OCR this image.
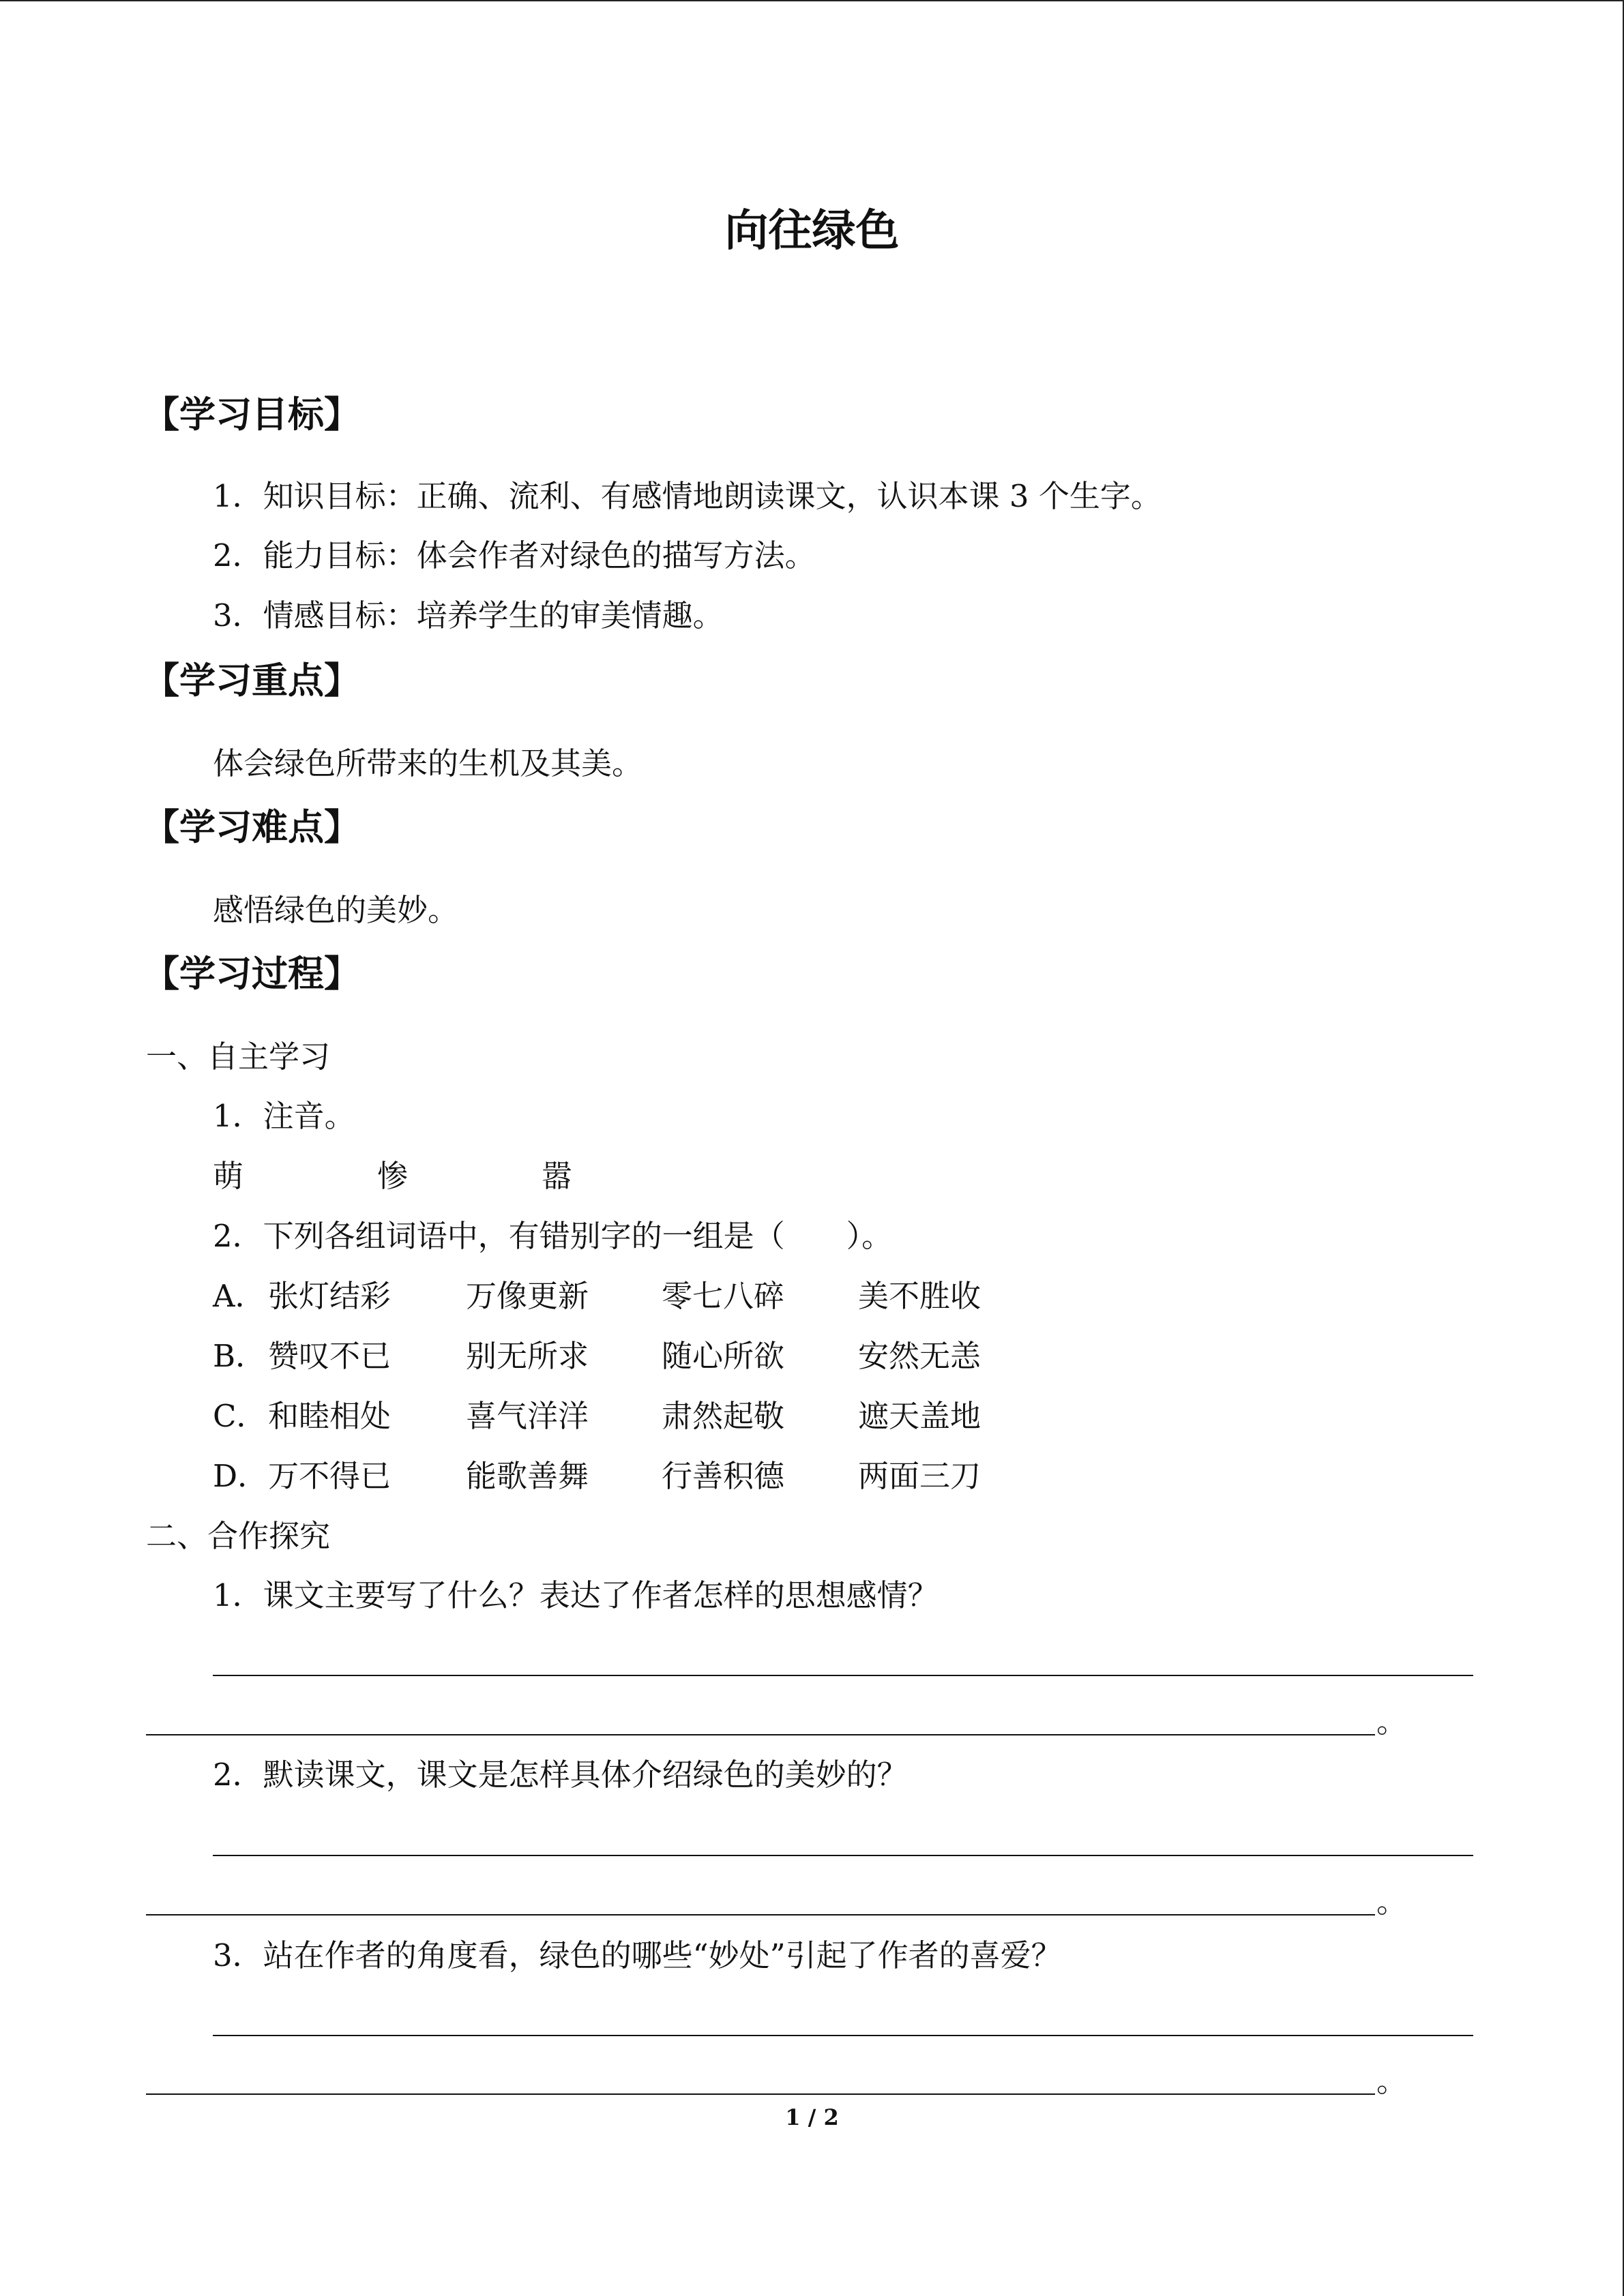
向往绿色
【学习目标】
1．知识目标：正确、流利、有感情地朗读课文，认识本课 3 个生字。
2．能力目标：体会作者对绿色的描写方法。
3．情感目标：培养学生的审美情趣。
【学习重点】
体会绿色所带来的生机及其美。
【学习难点】
感悟绿色的美妙。
【学习过程】
一、自主学习
1．注音。
萌	惨	嚣
2．下列各组词语中，有错别字的一组是（　　）。
A． 张灯结彩 万像更新 零七八碎 美不胜收
B． 赞叹不已 别无所求 随心所欲 安然无恙
C． 和睦相处 喜气洋洋 肃然起敬 遮天盖地
D． 万不得已 能歌善舞 行善积德 两面三刀
二、合作探究
1．课文主要写了什么？表达了作者怎样的思想感情？
。
2．默读课文，课文是怎样具体介绍绿色的美妙的？
。
3．站在作者的角度看，绿色的哪些“妙处”引起了作者的喜爱？
。
1 / 2
